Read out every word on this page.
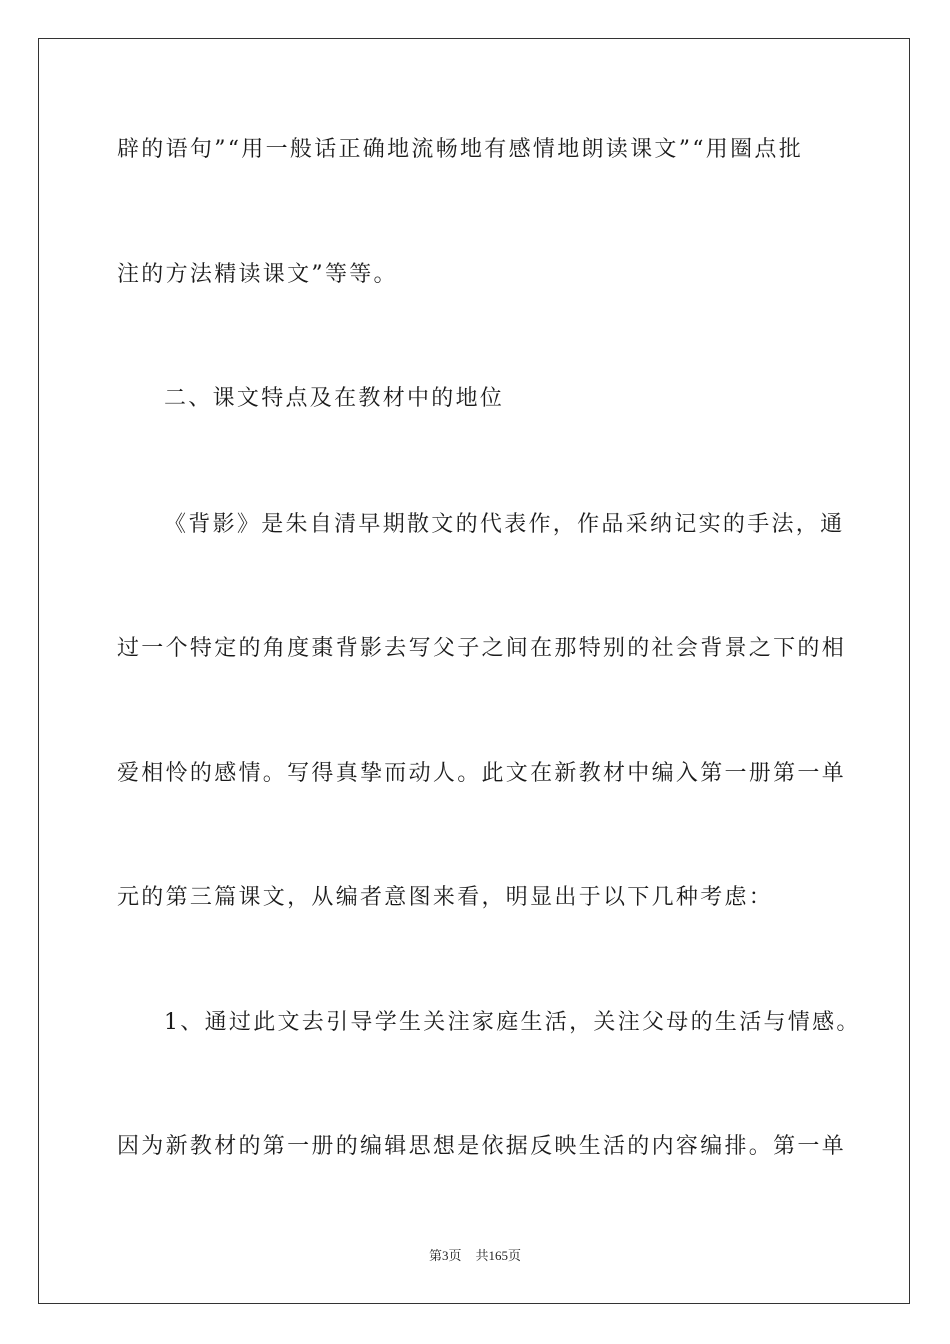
辟的语句”“用一般话正确地流畅地有感情地朗读课文”“用圈点批
注的方法精读课文”等等。
二、课文特点及在教材中的地位
《背影》是朱自清早期散文的代表作，作品采纳记实的手法，通
过一个特定的角度棗背影去写父子之间在那特别的社会背景之下的相
爱相怜的感情。写得真挚而动人。此文在新教材中编入第一册第一单
元的第三篇课文，从编者意图来看，明显出于以下几种考虑：
1、通过此文去引导学生关注家庭生活，关注父母的生活与情感。
因为新教材的第一册的编辑思想是依据反映生活的内容编排。第一单
第3页 共165页
